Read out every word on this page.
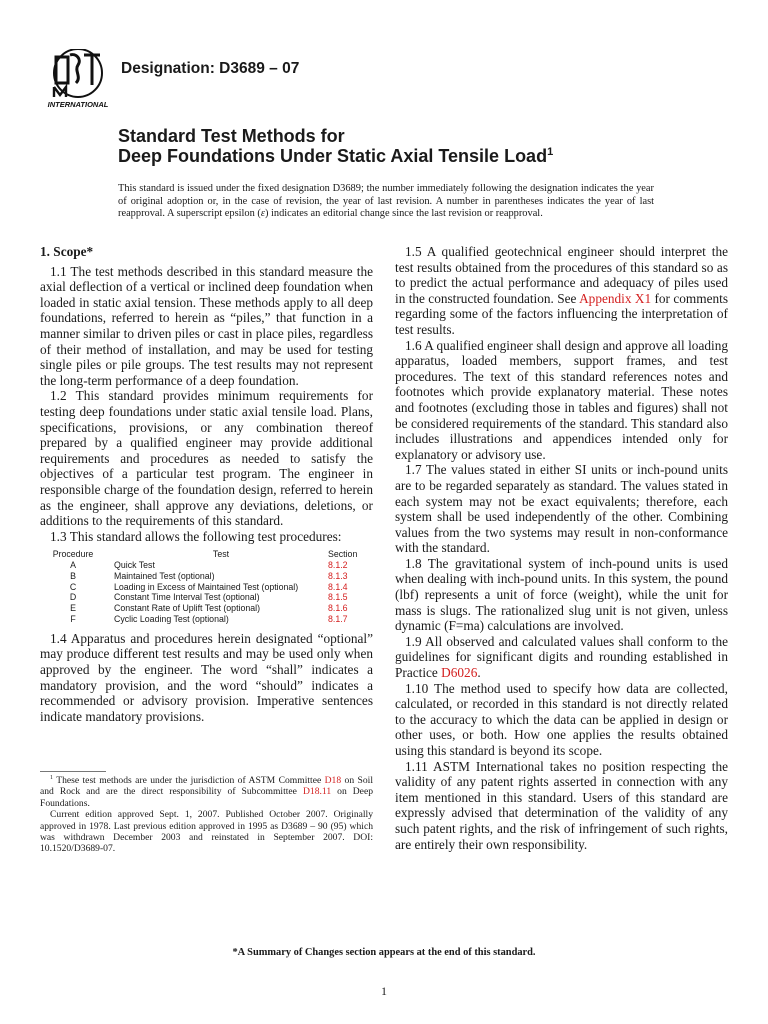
INTERNATIONAL
Designation: D3689 – 07
Standard Test Methods for
Deep Foundations Under Static Axial Tensile Load$^1$
This standard is issued under the fixed designation D3689; the number immediately following the designation indicates the year of original adoption or, in the case of revision, the year of last revision. A number in parentheses indicates the year of last reapproval. A superscript epsilon (ε) indicates an editorial change since the last revision or reapproval.

1. Scope*

1.1 The test methods described in this standard measure the axial deflection of a vertical or inclined deep foundation when loaded in static axial tension. These methods apply to all deep foundations, referred to herein as “piles,” that function in a manner similar to driven piles or cast in place piles, regardless of their method of installation, and may be used for testing single piles or pile groups. The test results may not represent the long-term performance of a deep foundation.

1.2 This standard provides minimum requirements for testing deep foundations under static axial tensile load. Plans, specifications, provisions, or any combination thereof prepared by a qualified engineer may provide additional requirements and procedures as needed to satisfy the objectives of a particular test program. The engineer in responsible charge of the foundation design, referred to herein as the engineer, shall approve any deviations, deletions, or additions to the requirements of this standard.

1.3 This standard allows the following test procedures:

Procedure	Test	Section
A	Quick Test	8.1.2
B	Maintained Test (optional)	8.1.3
C	Loading in Excess of Maintained Test (optional)	8.1.4
D	Constant Time Interval Test (optional)	8.1.5
E	Constant Rate of Uplift Test (optional)	8.1.6
F	Cyclic Loading Test (optional)	8.1.7

1.4 Apparatus and procedures herein designated “optional” may produce different test results and may be used only when approved by the engineer. The word “shall” indicates a mandatory provision, and the word “should” indicates a recommended or advisory provision. Imperative sentences indicate mandatory provisions.

1.5 A qualified geotechnical engineer should interpret the test results obtained from the procedures of this standard so as to predict the actual performance and adequacy of piles used in the constructed foundation. See Appendix X1 for comments regarding some of the factors influencing the interpretation of test results.

1.6 A qualified engineer shall design and approve all loading apparatus, loaded members, support frames, and test procedures. The text of this standard references notes and footnotes which provide explanatory material. These notes and footnotes (excluding those in tables and figures) shall not be considered requirements of the standard. This standard also includes illustrations and appendices intended only for explanatory or advisory use.

1.7 The values stated in either SI units or inch-pound units are to be regarded separately as standard. The values stated in each system may not be exact equivalents; therefore, each system shall be used independently of the other. Combining values from the two systems may result in non-conformance with the standard.

1.8 The gravitational system of inch-pound units is used when dealing with inch-pound units. In this system, the pound (lbf) represents a unit of force (weight), while the unit for mass is slugs. The rationalized slug unit is not given, unless dynamic (F=ma) calculations are involved.

1.9 All observed and calculated values shall conform to the guidelines for significant digits and rounding established in Practice D6026.

1.10 The method used to specify how data are collected, calculated, or recorded in this standard is not directly related to the accuracy to which the data can be applied in design or other uses, or both. How one applies the results obtained using this standard is beyond its scope.

1.11 ASTM International takes no position respecting the validity of any patent rights asserted in connection with any item mentioned in this standard. Users of this standard are expressly advised that determination of the validity of any such patent rights, and the risk of infringement of such rights, are entirely their own responsibility.

$^1$ These test methods are under the jurisdiction of ASTM Committee D18 on Soil and Rock and are the direct responsibility of Subcommittee D18.11 on Deep Foundations.

Current edition approved Sept. 1, 2007. Published October 2007. Originally approved in 1978. Last previous edition approved in 1995 as D3689 – 90 (95) which was withdrawn December 2003 and reinstated in September 2007. DOI: 10.1520/D3689-07.

*A Summary of Changes section appears at the end of this standard.
1
